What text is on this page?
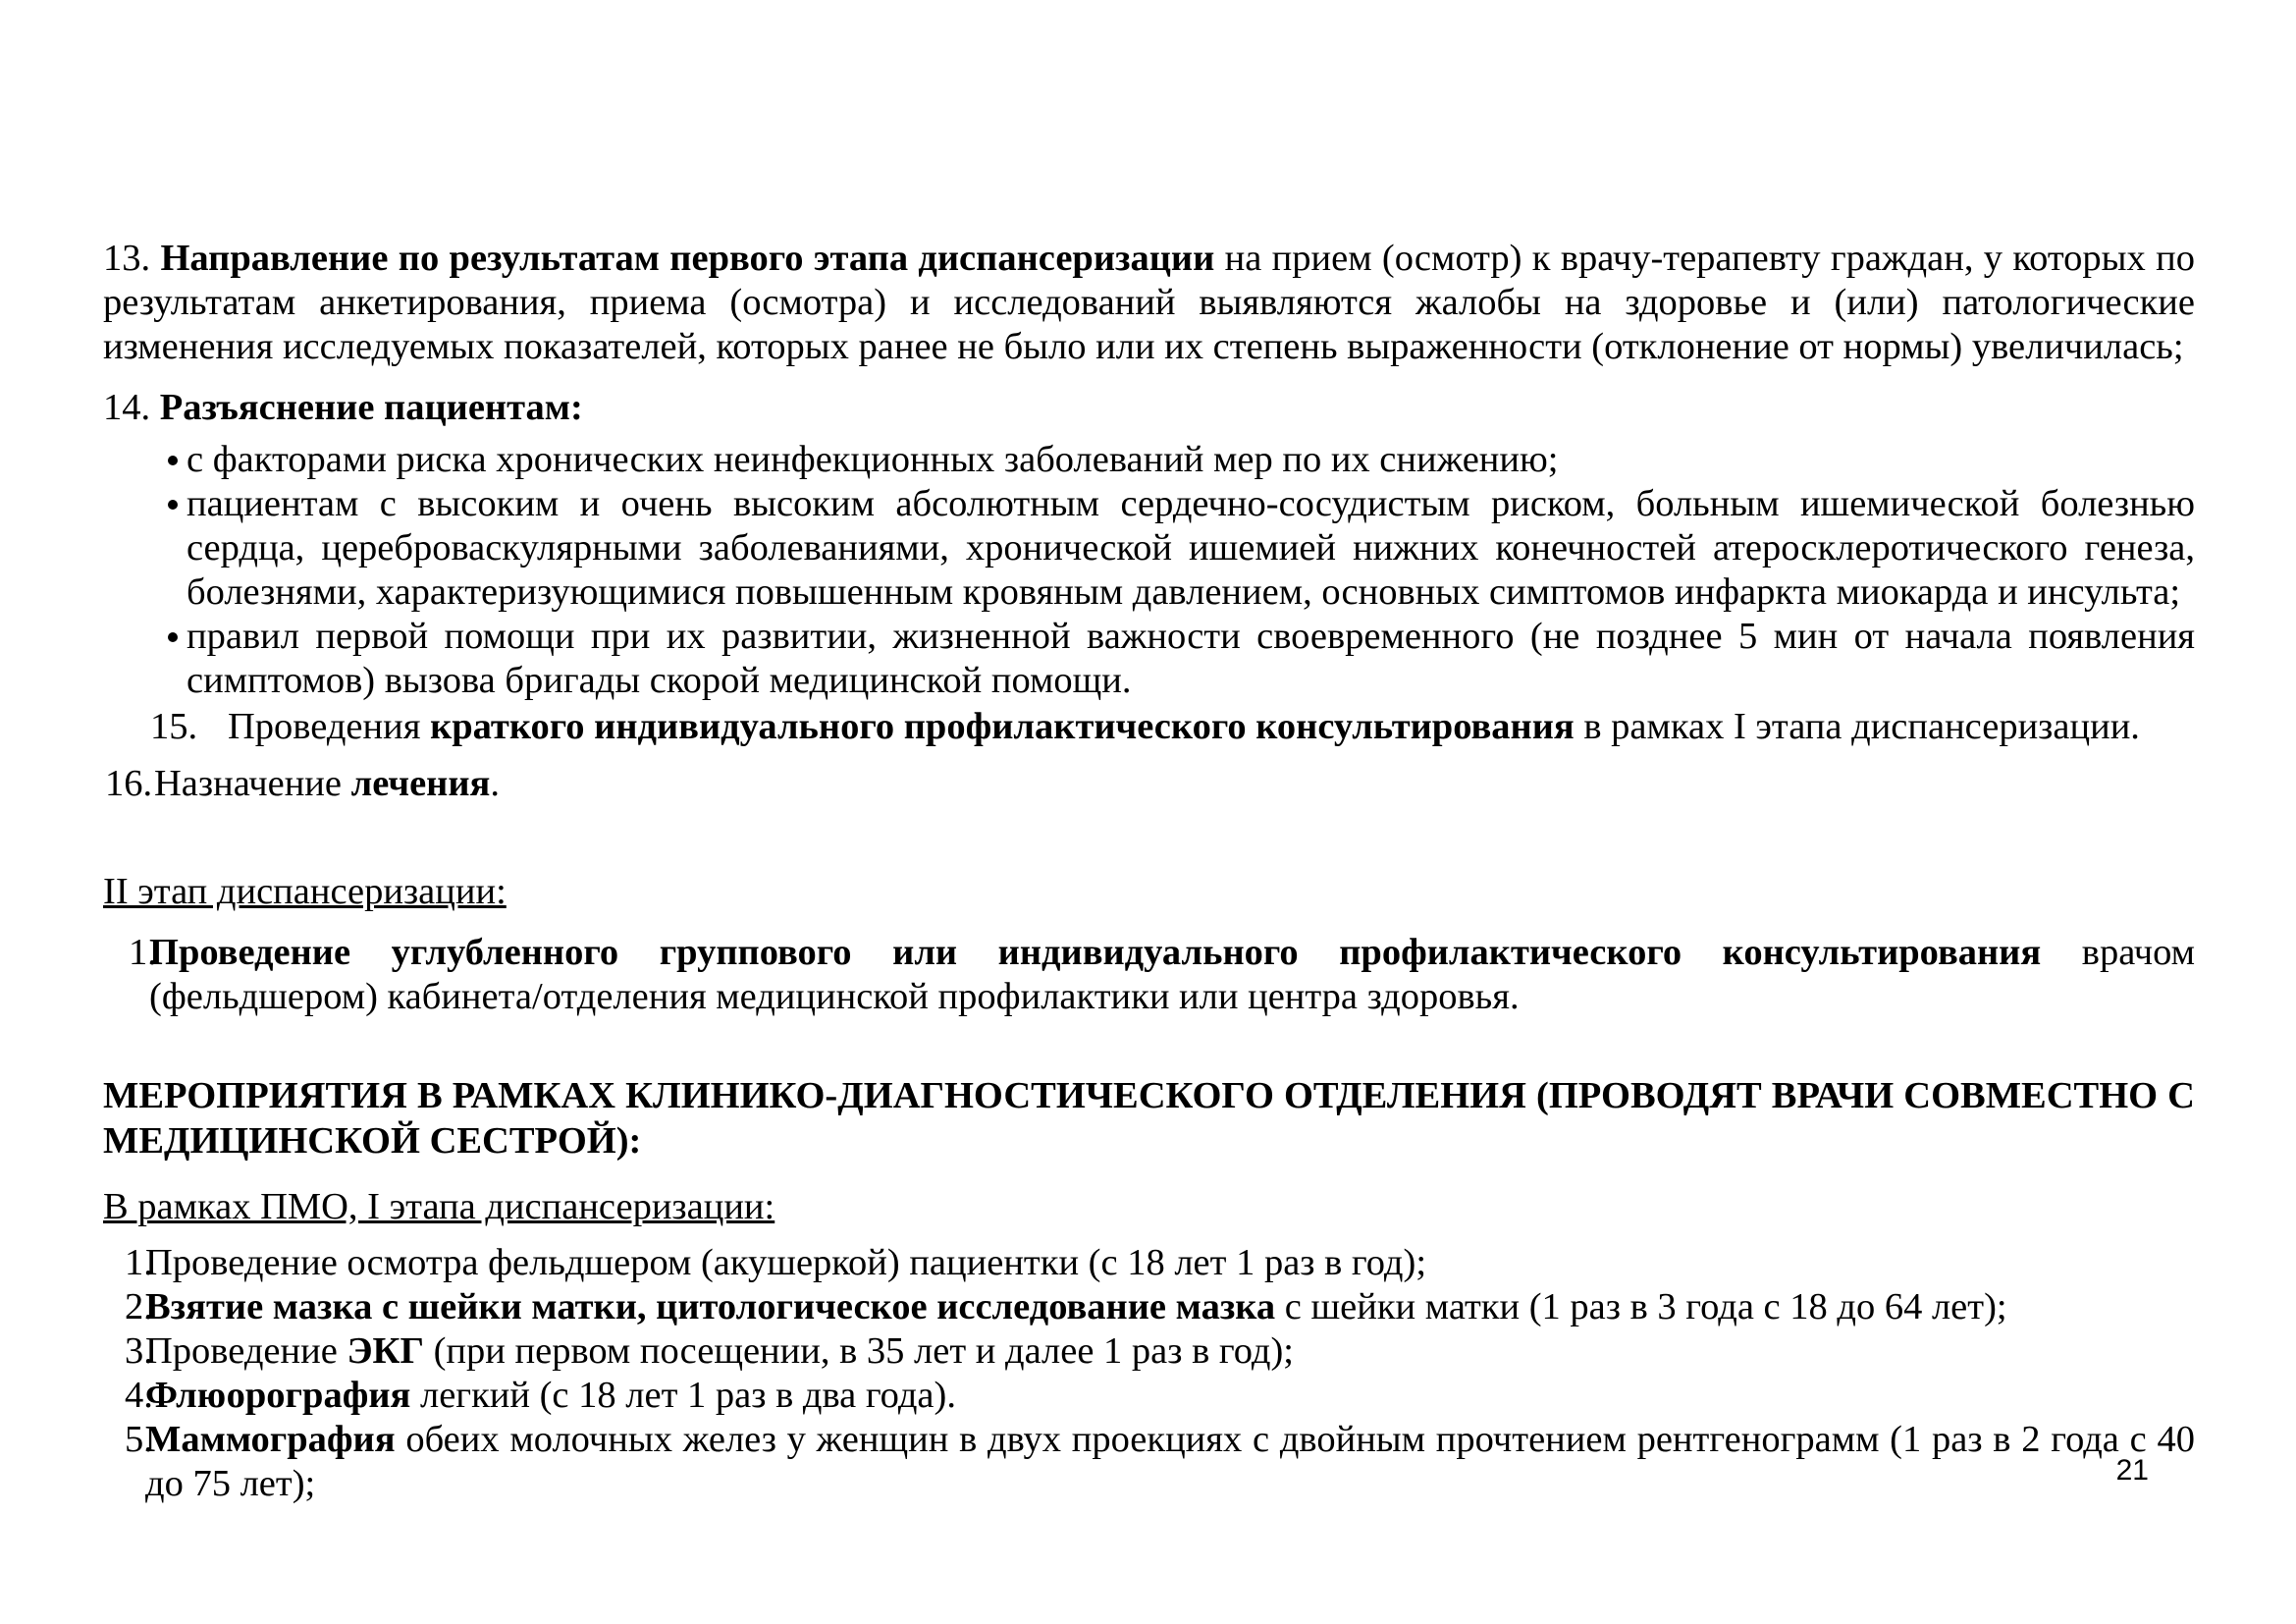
13. Направление по результатам первого этапа диспансеризации на прием (осмотр) к врачу-терапевту граждан, у которых по результатам анкетирования, приема (осмотра) и исследований выявляются жалобы на здоровье и (или) патологические изменения исследуемых показателей, которых ранее не было или их степень выраженности (отклонение от нормы) увеличилась;

14. Разъяснение пациентам:

с факторами риска хронических неинфекционных заболеваний мер по их снижению;
пациентам с высоким и очень высоким абсолютным сердечно-сосудистым риском, больным ишемической болезнью сердца, цереброваскулярными заболеваниями, хронической ишемией нижних конечностей атеросклеротического генеза, болезнями, характеризующимися повышенным кровяным давлением, основных симптомов инфаркта миокарда и инсульта;
правил первой помощи при их развитии, жизненной важности своевременного (не позднее 5 мин от начала появления симптомов) вызова бригады скорой медицинской помощи.

15. Проведения краткого индивидуального профилактического консультирования в рамках I этапа диспансеризации.

16. Назначение лечения.

II этап диспансеризации:

1.
Проведение углубленного группового или индивидуального профилактического консультирования врачом (фельдшером) кабинета/отделения медицинской профилактики или центра здоровья.

МЕРОПРИЯТИЯ В РАМКАХ КЛИНИКО-ДИАГНОСТИЧЕСКОГО ОТДЕЛЕНИЯ (ПРОВОДЯТ ВРАЧИ СОВМЕСТНО С МЕДИЦИНСКОЙ СЕСТРОЙ):

В рамках ПМО, I этапа диспансеризации:

1.
Проведение осмотра фельдшером (акушеркой) пациентки (с 18 лет 1 раз в год);
2.
Взятие мазка с шейки матки, цитологическое исследование мазка с шейки матки (1 раз в 3 года с 18 до 64 лет);
3.
Проведение ЭКГ (при первом посещении, в 35 лет и далее 1 раз в год);
4.
Флюорография легкий (с 18 лет 1 раз в два года).
5.
Маммография обеих молочных желез у женщин в двух проекциях с двойным прочтением рентгенограмм (1 раз в 2 года с 40 до 75 лет);	21
